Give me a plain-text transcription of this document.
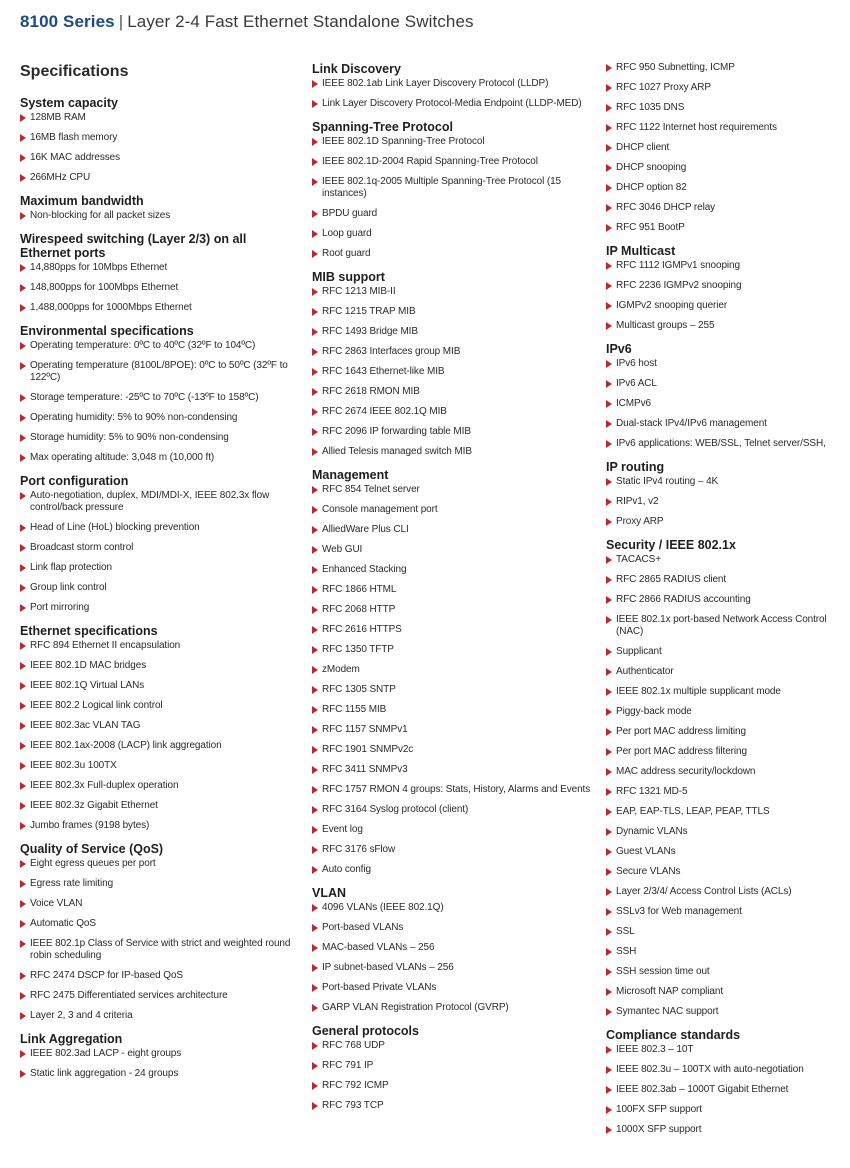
8100 Series | Layer 2-4 Fast Ethernet Standalone Switches
Specifications
System capacity
128MB RAM
16MB flash memory
16K MAC addresses
266MHz CPU
Maximum bandwidth
Non-blocking for all packet sizes
Wirespeed switching (Layer 2/3) on all Ethernet ports
14,880pps for 10Mbps Ethernet
148,800pps for 100Mbps Ethernet
1,488,000pps for 1000Mbps Ethernet
Environmental specifications
Operating temperature: 0ºC to 40ºC (32ºF to 104ºC)
Operating temperature (8100L/8POE): 0ºC to 50ºC (32ºF to 122ºC)
Storage temperature: -25ºC to 70ºC (-13ºF to 158ºC)
Operating humidity: 5% to 90% non-condensing
Storage humidity: 5% to 90% non-condensing
Max operating altitude: 3,048 m (10,000 ft)
Port configuration
Auto-negotiation, duplex, MDI/MDI-X, IEEE 802.3x flow control/back pressure
Head of Line (HoL) blocking prevention
Broadcast storm control
Link flap protection
Group link control
Port mirroring
Ethernet specifications
RFC 894 Ethernet II encapsulation
IEEE 802.1D MAC bridges
IEEE 802.1Q Virtual LANs
IEEE 802.2 Logical link control
IEEE 802.3ac VLAN TAG
IEEE 802.1ax-2008 (LACP) link aggregation
IEEE 802.3u 100TX
IEEE 802.3x Full-duplex operation
IEEE 802.3z Gigabit Ethernet
Jumbo frames (9198 bytes)
Quality of Service (QoS)
Eight egress queues per port
Egress rate limiting
Voice VLAN
Automatic QoS
IEEE 802.1p Class of Service with strict and weighted round robin scheduling
RFC 2474 DSCP for IP-based QoS
RFC 2475 Differentiated services architecture
Layer 2, 3 and 4 criteria
Link Aggregation
IEEE 802.3ad LACP - eight groups
Static link aggregation - 24 groups
Link Discovery
IEEE 802.1ab Link Layer Discovery Protocol (LLDP)
Link Layer Discovery Protocol-Media Endpoint (LLDP-MED)
Spanning-Tree Protocol
IEEE 802.1D Spanning-Tree Protocol
IEEE 802.1D-2004 Rapid Spanning-Tree Protocol
IEEE 802.1q-2005 Multiple Spanning-Tree Protocol (15 instances)
BPDU guard
Loop guard
Root guard
MIB support
RFC 1213 MIB-II
RFC 1215 TRAP MIB
RFC 1493 Bridge MIB
RFC 2863 Interfaces group MIB
RFC 1643 Ethernet-like MIB
RFC 2618 RMON MIB
RFC 2674 IEEE 802.1Q MIB
RFC 2096 IP forwarding table MIB
Allied Telesis managed switch MIB
Management
RFC 854 Telnet server
Console management port
AlliedWare Plus CLI
Web GUI
Enhanced Stacking
RFC 1866 HTML
RFC 2068 HTTP
RFC 2616 HTTPS
RFC 1350 TFTP
zModem
RFC 1305 SNTP
RFC 1155 MIB
RFC 1157 SNMPv1
RFC 1901 SNMPv2c
RFC 3411 SNMPv3
RFC 1757 RMON 4 groups: Stats, History, Alarms and Events
RFC 3164 Syslog protocol (client)
Event log
RFC 3176 sFlow
Auto config
VLAN
4096 VLANs (IEEE 802.1Q)
Port-based VLANs
MAC-based VLANs – 256
IP subnet-based VLANs – 256
Port-based Private VLANs
GARP VLAN Registration Protocol (GVRP)
General protocols
RFC 768 UDP
RFC 791 IP
RFC 792 ICMP
RFC 793 TCP
RFC 950 Subnetting, ICMP
RFC 1027 Proxy ARP
RFC 1035 DNS
RFC 1122 Internet host requirements
DHCP client
DHCP snooping
DHCP option 82
RFC 3046 DHCP relay
RFC 951 BootP
IP Multicast
RFC 1112 IGMPv1 snooping
RFC 2236 IGMPv2 snooping
IGMPv2 snooping querier
Multicast groups – 255
IPv6
IPv6 host
IPv6 ACL
ICMPv6
Dual-stack IPv4/IPv6 management
IPv6 applications: WEB/SSL, Telnet server/SSH,
IP routing
Static IPv4 routing – 4K
RIPv1, v2
Proxy ARP
Security / IEEE 802.1x
TACACS+
RFC 2865 RADIUS client
RFC 2866 RADIUS accounting
IEEE 802.1x port-based Network Access Control (NAC)
Supplicant
Authenticator
IEEE 802.1x multiple supplicant mode
Piggy-back mode
Per port MAC address limiting
Per port MAC address filtering
MAC address security/lockdown
RFC 1321 MD-5
EAP, EAP-TLS, LEAP, PEAP, TTLS
Dynamic VLANs
Guest VLANs
Secure VLANs
Layer 2/3/4/ Access Control Lists (ACLs)
SSLv3 for Web management
SSL
SSH
SSH session time out
Microsoft NAP compliant
Symantec NAC support
Compliance standards
IEEE 802.3 – 10T
IEEE 802.3u – 100TX with auto-negotiation
IEEE 802.3ab – 1000T Gigabit Ethernet
100FX SFP support
1000X SFP support
